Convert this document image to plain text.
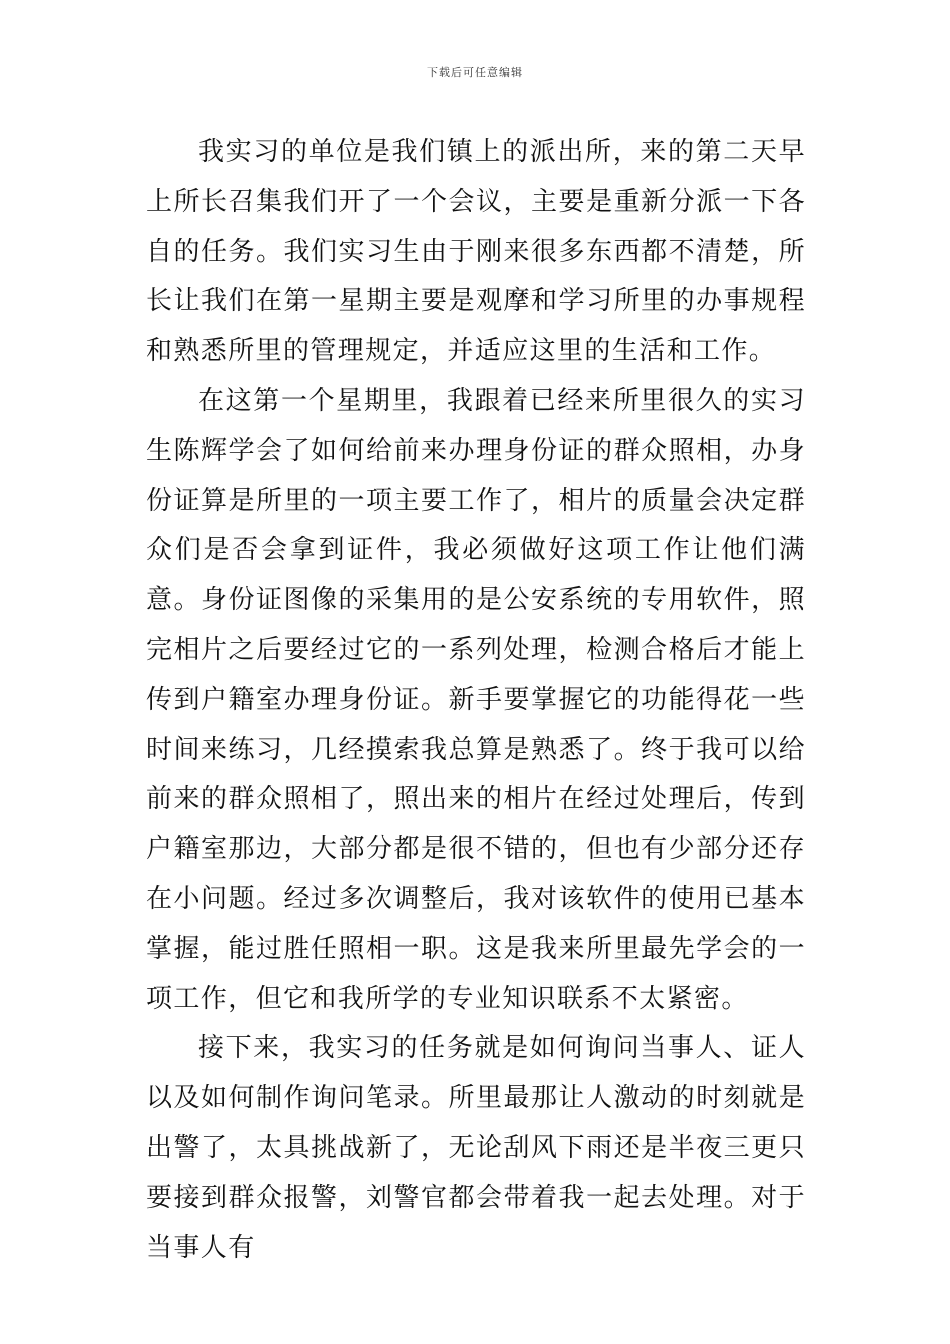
下载后可任意编辑

我实习的单位是我们镇上的派出所，来的第二天早上所长召集我们开了一个会议，主要是重新分派一下各自的任务。我们实习生由于刚来很多东西都不清楚，所长让我们在第一星期主要是观摩和学习所里的办事规程和熟悉所里的管理规定，并适应这里的生活和工作。

在这第一个星期里，我跟着已经来所里很久的实习生陈辉学会了如何给前来办理身份证的群众照相，办身份证算是所里的一项主要工作了，相片的质量会决定群众们是否会拿到证件，我必须做好这项工作让他们满意。身份证图像的采集用的是公安系统的专用软件，照完相片之后要经过它的一系列处理，检测合格后才能上传到户籍室办理身份证。新手要掌握它的功能得花一些时间来练习，几经摸索我总算是熟悉了。终于我可以给前来的群众照相了，照出来的相片在经过处理后，传到户籍室那边，大部分都是很不错的，但也有少部分还存在小问题。经过多次调整后，我对该软件的使用已基本掌握，能过胜任照相一职。这是我来所里最先学会的一项工作，但它和我所学的专业知识联系不太紧密。

接下来，我实习的任务就是如何询问当事人、证人以及如何制作询问笔录。所里最那让人激动的时刻就是出警了，太具挑战新了，无论刮风下雨还是半夜三更只要接到群众报警，刘警官都会带着我一起去处理。对于当事人有
